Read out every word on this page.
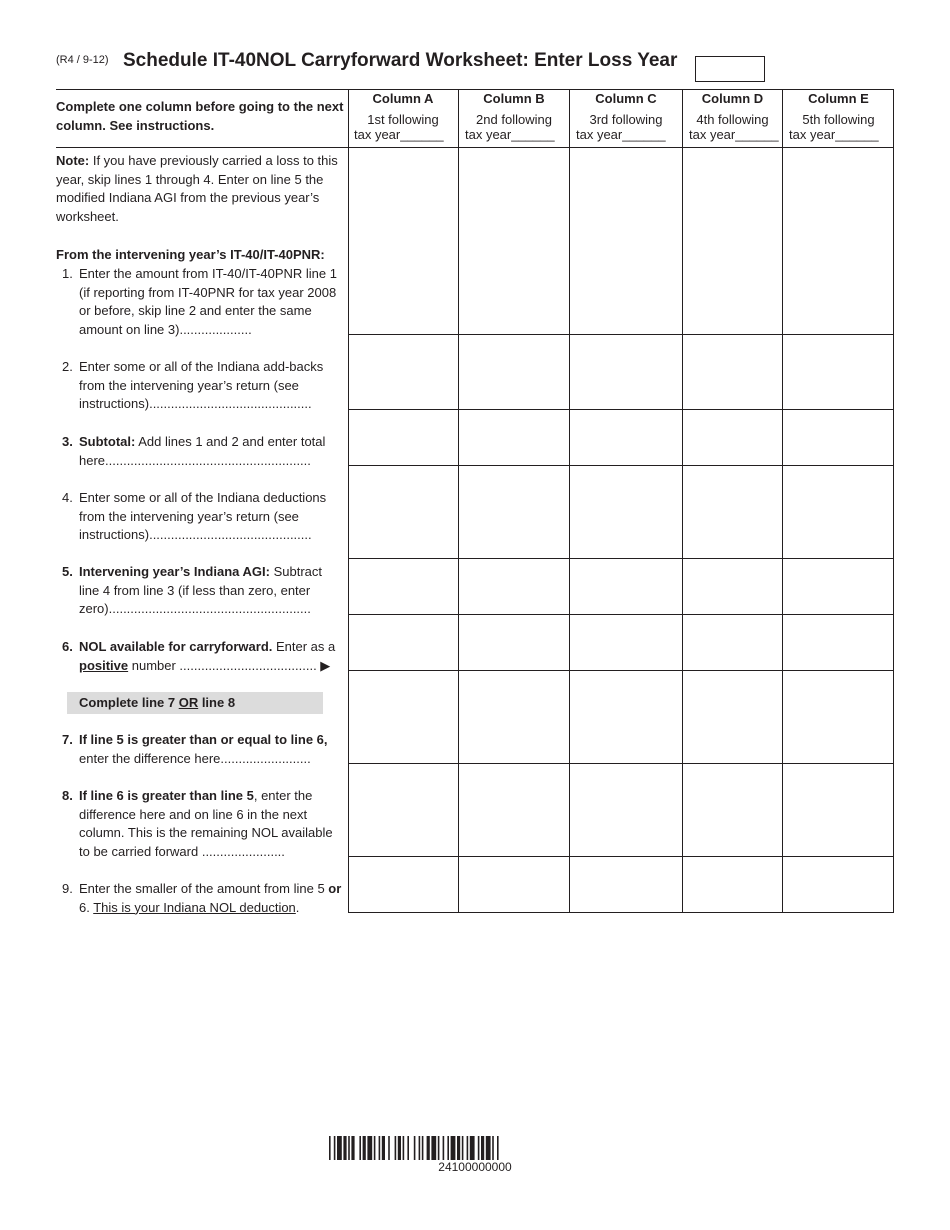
(R4 / 9-12) Schedule IT-40NOL Carryforward Worksheet: Enter Loss Year
Complete one column before going to the next column. See instructions.
Column A
1st following
tax year______
Column B
2nd following
tax year______
Column C
3rd following
tax year______
Column D
4th following
tax year______
Column E
5th following
tax year______
Note: If you have previously carried a loss to this year, skip lines 1 through 4. Enter on line 5 the modified Indiana AGI from the previous year’s worksheet.
From the intervening year’s IT-40/IT-40PNR:
1. Enter the amount from IT-40/IT-40PNR line 1 (if reporting from IT-40PNR for tax year 2008 or before, skip line 2 and enter the same amount on line 3)....................
2. Enter some or all of the Indiana add-backs from the intervening year’s return (see instructions).............................................
3. Subtotal: Add lines 1 and 2 and enter total here.........................................................
4. Enter some or all of the Indiana deductions from the intervening year’s return (see instructions).............................................
5. Intervening year’s Indiana AGI: Subtract line 4 from line 3 (if less than zero, enter zero)........................................................
6. NOL available for carryforward. Enter as a positive number ...................................... ▶
Complete line 7 OR line 8
7. If line 5 is greater than or equal to line 6, enter the difference here.........................
8. If line 6 is greater than line 5, enter the difference here and on line 6 in the next column. This is the remaining NOL available to be carried forward .......................
9. Enter the smaller of the amount from line 5 or 6. This is your Indiana NOL deduction.
24100000000
